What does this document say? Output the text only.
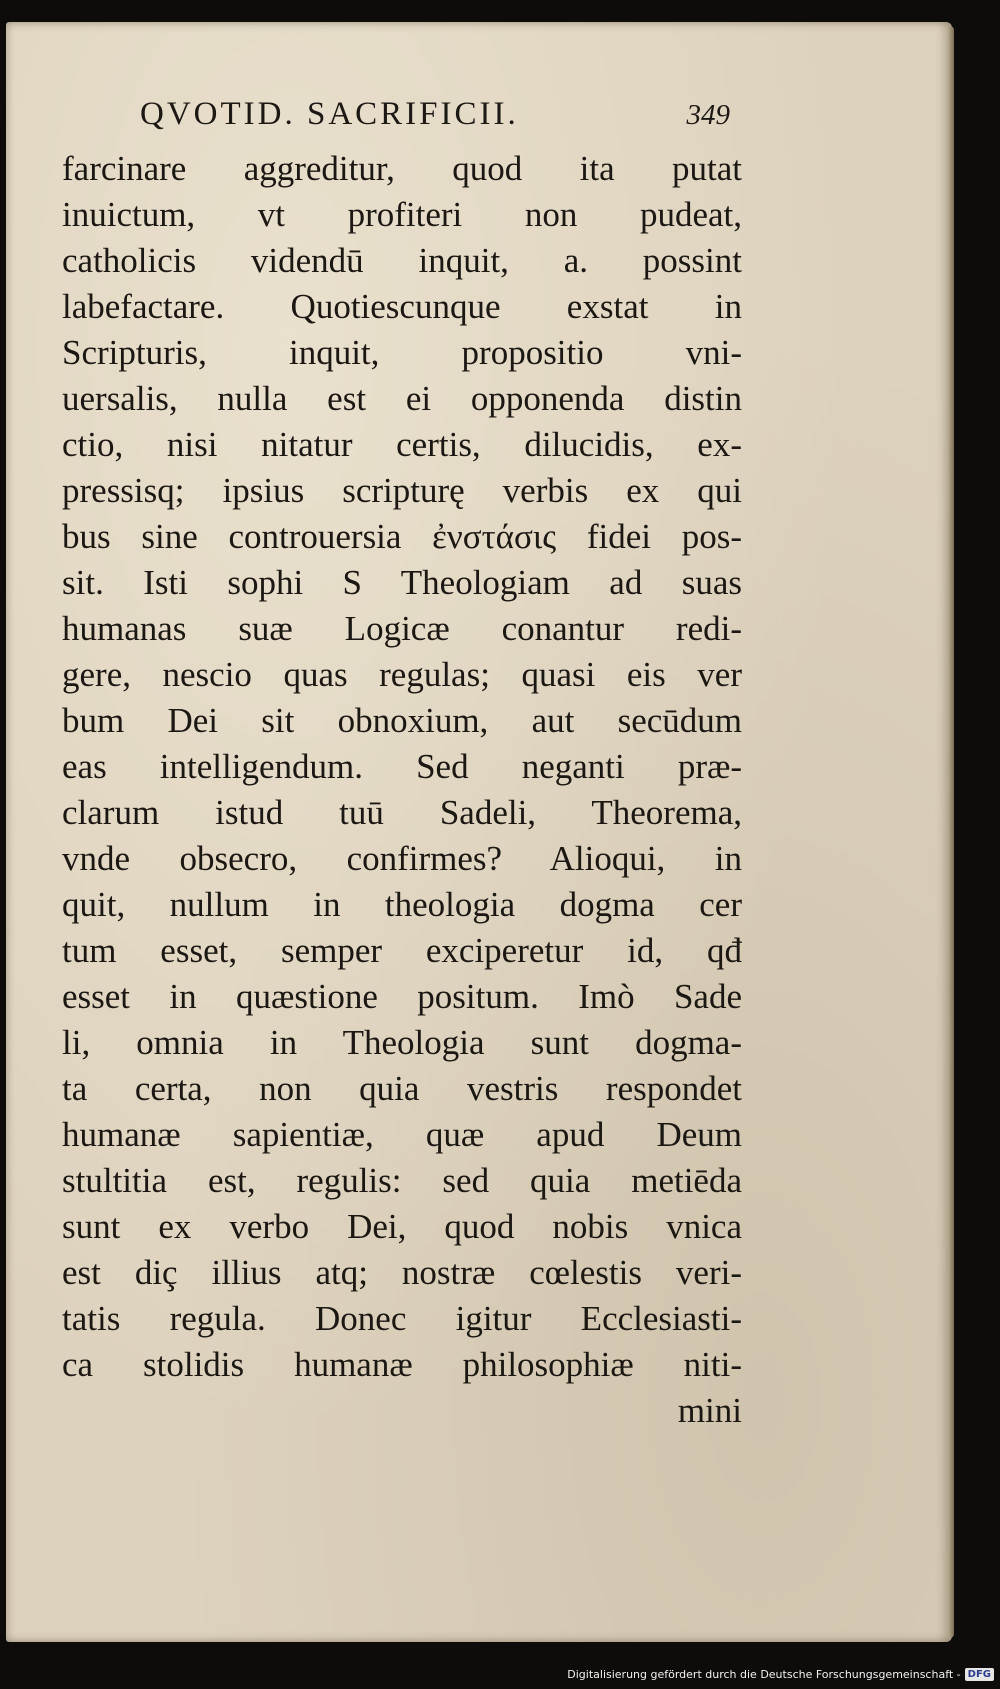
QVOTID. SACRIFICII.	349
farcinare aggreditur, quod ita putat
inuictum, vt profiteri non pudeat,
catholicis videndū inquit, a. possint
labefactare. Quotiescunque exstat in
Scripturis, inquit, propositio vni-
uersalis, nulla est ei opponenda distin
ctio, nisi nitatur certis, dilucidis, ex-
pressisq; ipsius scripturę verbis ex qui
bus sine controuersia ἐνστάσις fidei pos-
sit. Isti sophi S Theologiam ad suas
humanas suæ Logicæ conantur redi-
gere, nescio quas regulas; quasi eis ver
bum Dei sit obnoxium, aut secūdum
eas intelligendum. Sed neganti præ-
clarum istud tuū Sadeli, Theorema,
vnde obsecro, confirmes? Alioqui, in
quit, nullum in theologia dogma cer
tum esset, semper exciperetur id, qđ
esset in quæstione positum. Imò Sade
li, omnia in Theologia sunt dogma-
ta certa, non quia vestris respondet
humanæ sapientiæ, quæ apud Deum
stultitia est, regulis: sed quia metiēda
sunt ex verbo Dei, quod nobis vnica
est diç illius atq; nostræ cœlestis veri-
tatis regula. Donec igitur Ecclesiasti-
ca stolidis humanæ philosophiæ niti-
mini
Digitalisierung gefördert durch die Deutsche Forschungsgemeinschaft - DFG
